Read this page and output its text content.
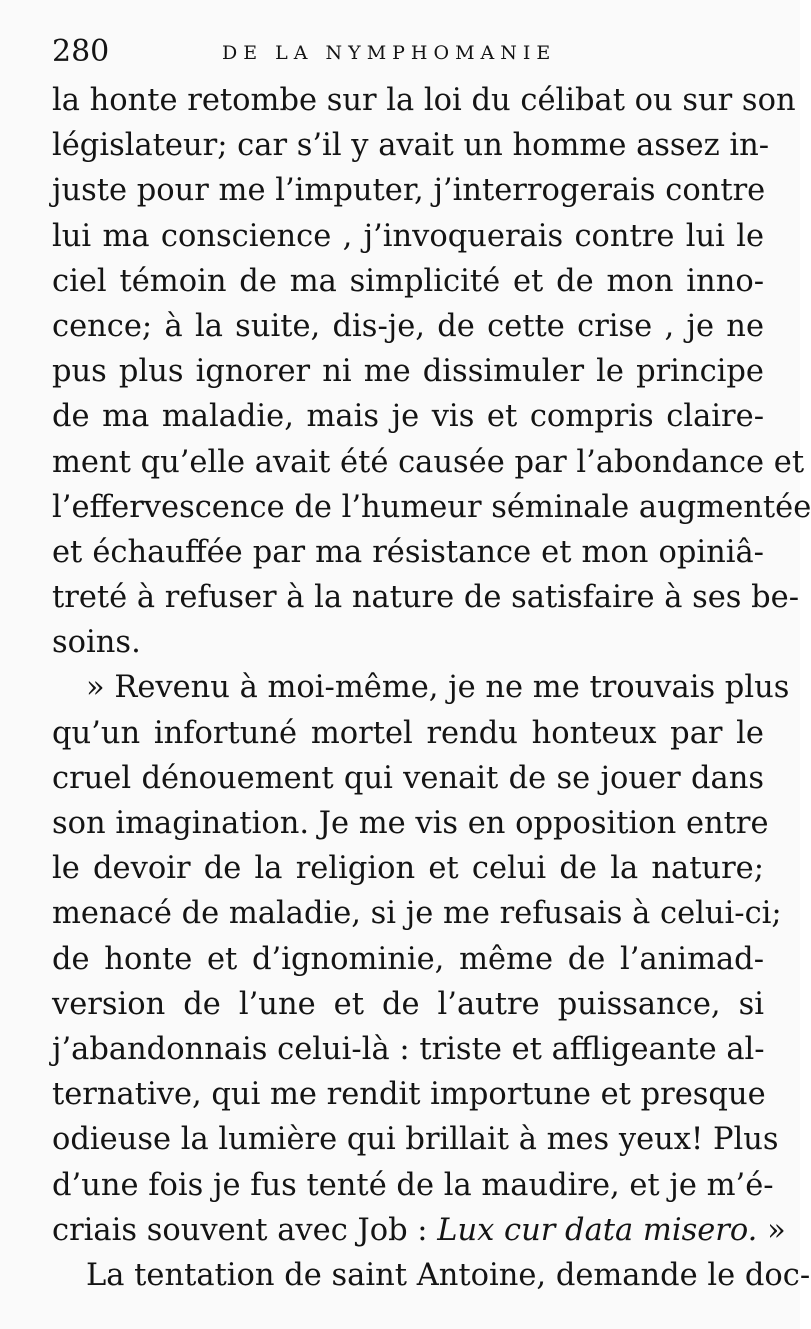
280	DE LA NYMPHOMANIE
la honte retombe sur la loi du célibat ou sur son
législateur; car s’il y avait un homme assez in-
juste pour me l’imputer, j’interrogerais contre
lui ma conscience , j’invoquerais contre lui le
ciel témoin de ma simplicité et de mon inno-
cence; à la suite, dis-je, de cette crise , je ne
pus plus ignorer ni me dissimuler le principe
de ma maladie, mais je vis et compris claire-
ment qu’elle avait été causée par l’abondance et
l’effervescence de l’humeur séminale augmentée
et échauffée par ma résistance et mon opiniâ-
treté à refuser à la nature de satisfaire à ses be-
soins.
» Revenu à moi-même, je ne me trouvais plus
qu’un infortuné mortel rendu honteux par le
cruel dénouement qui venait de se jouer dans
son imagination. Je me vis en opposition entre
le devoir de la religion et celui de la nature;
menacé de maladie, si je me refusais à celui-ci;
de honte et d’ignominie, même de l’animad-
version de l’une et de l’autre puissance, si
j’abandonnais celui-là : triste et affligeante al-
ternative, qui me rendit importune et presque
odieuse la lumière qui brillait à mes yeux! Plus
d’une fois je fus tenté de la maudire, et je m’é-
criais souvent avec Job : Lux cur data misero. »
La tentation de saint Antoine, demande le doc-
